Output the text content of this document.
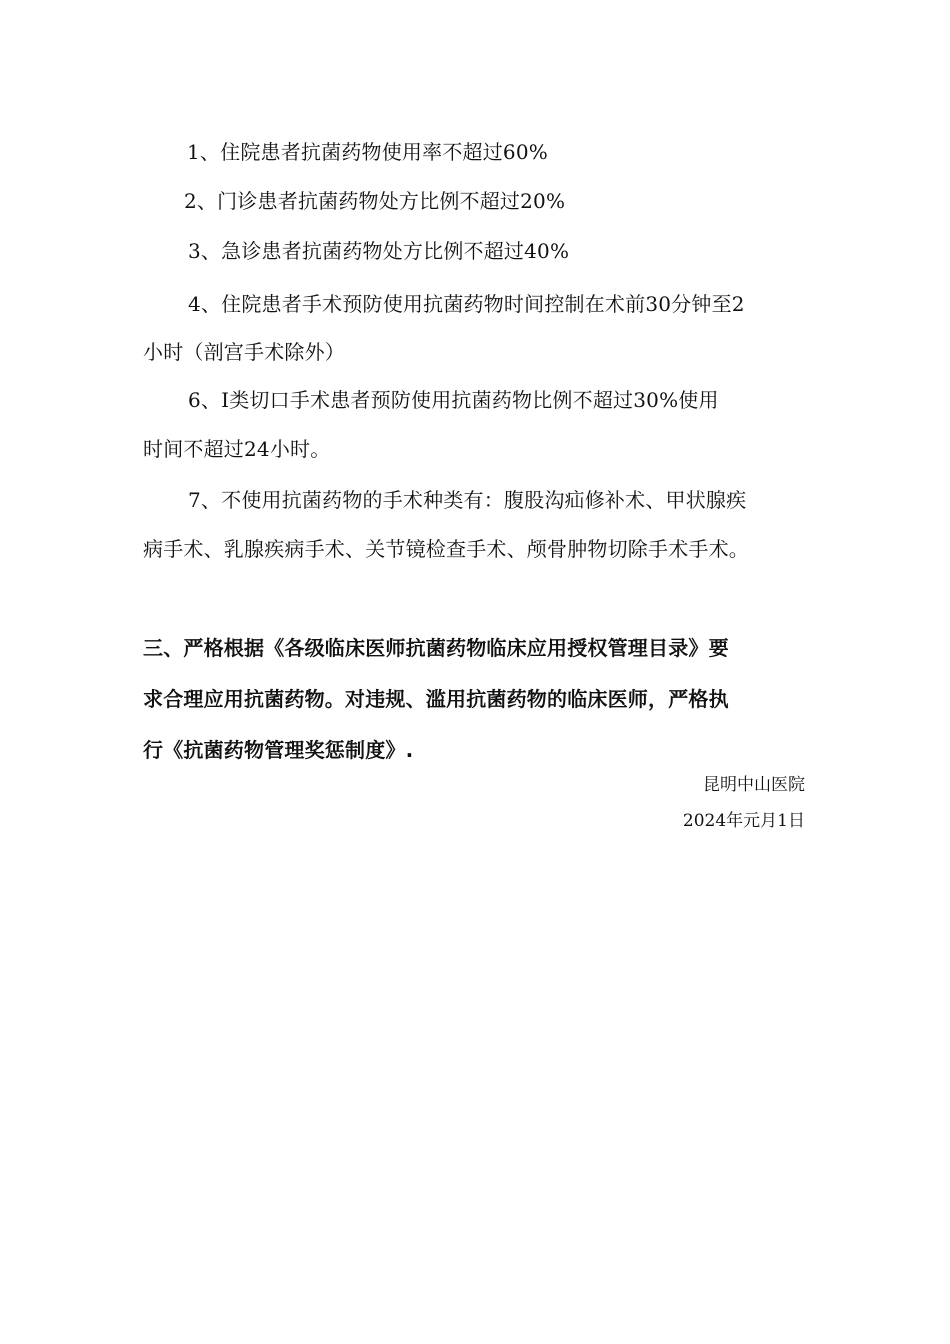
1、住院患者抗菌药物使用率不超过60%
2、门诊患者抗菌药物处方比例不超过20%
3、急诊患者抗菌药物处方比例不超过40%
4、住院患者手术预防使用抗菌药物时间控制在术前30分钟至2
小时（剖宫手术除外）
6、Ⅰ类切口手术患者预防使用抗菌药物比例不超过30%使用
时间不超过24小时。
7、不使用抗菌药物的手术种类有：腹股沟疝修补术、甲状腺疾
病手术、乳腺疾病手术、关节镜检查手术、颅骨肿物切除手术手术。
三、严格根据《各级临床医师抗菌药物临床应用授权管理目录》要
求合理应用抗菌药物。对违规、滥用抗菌药物的临床医师，严格执
行《抗菌药物管理奖惩制度》.
昆明中山医院
2024年元月1日
